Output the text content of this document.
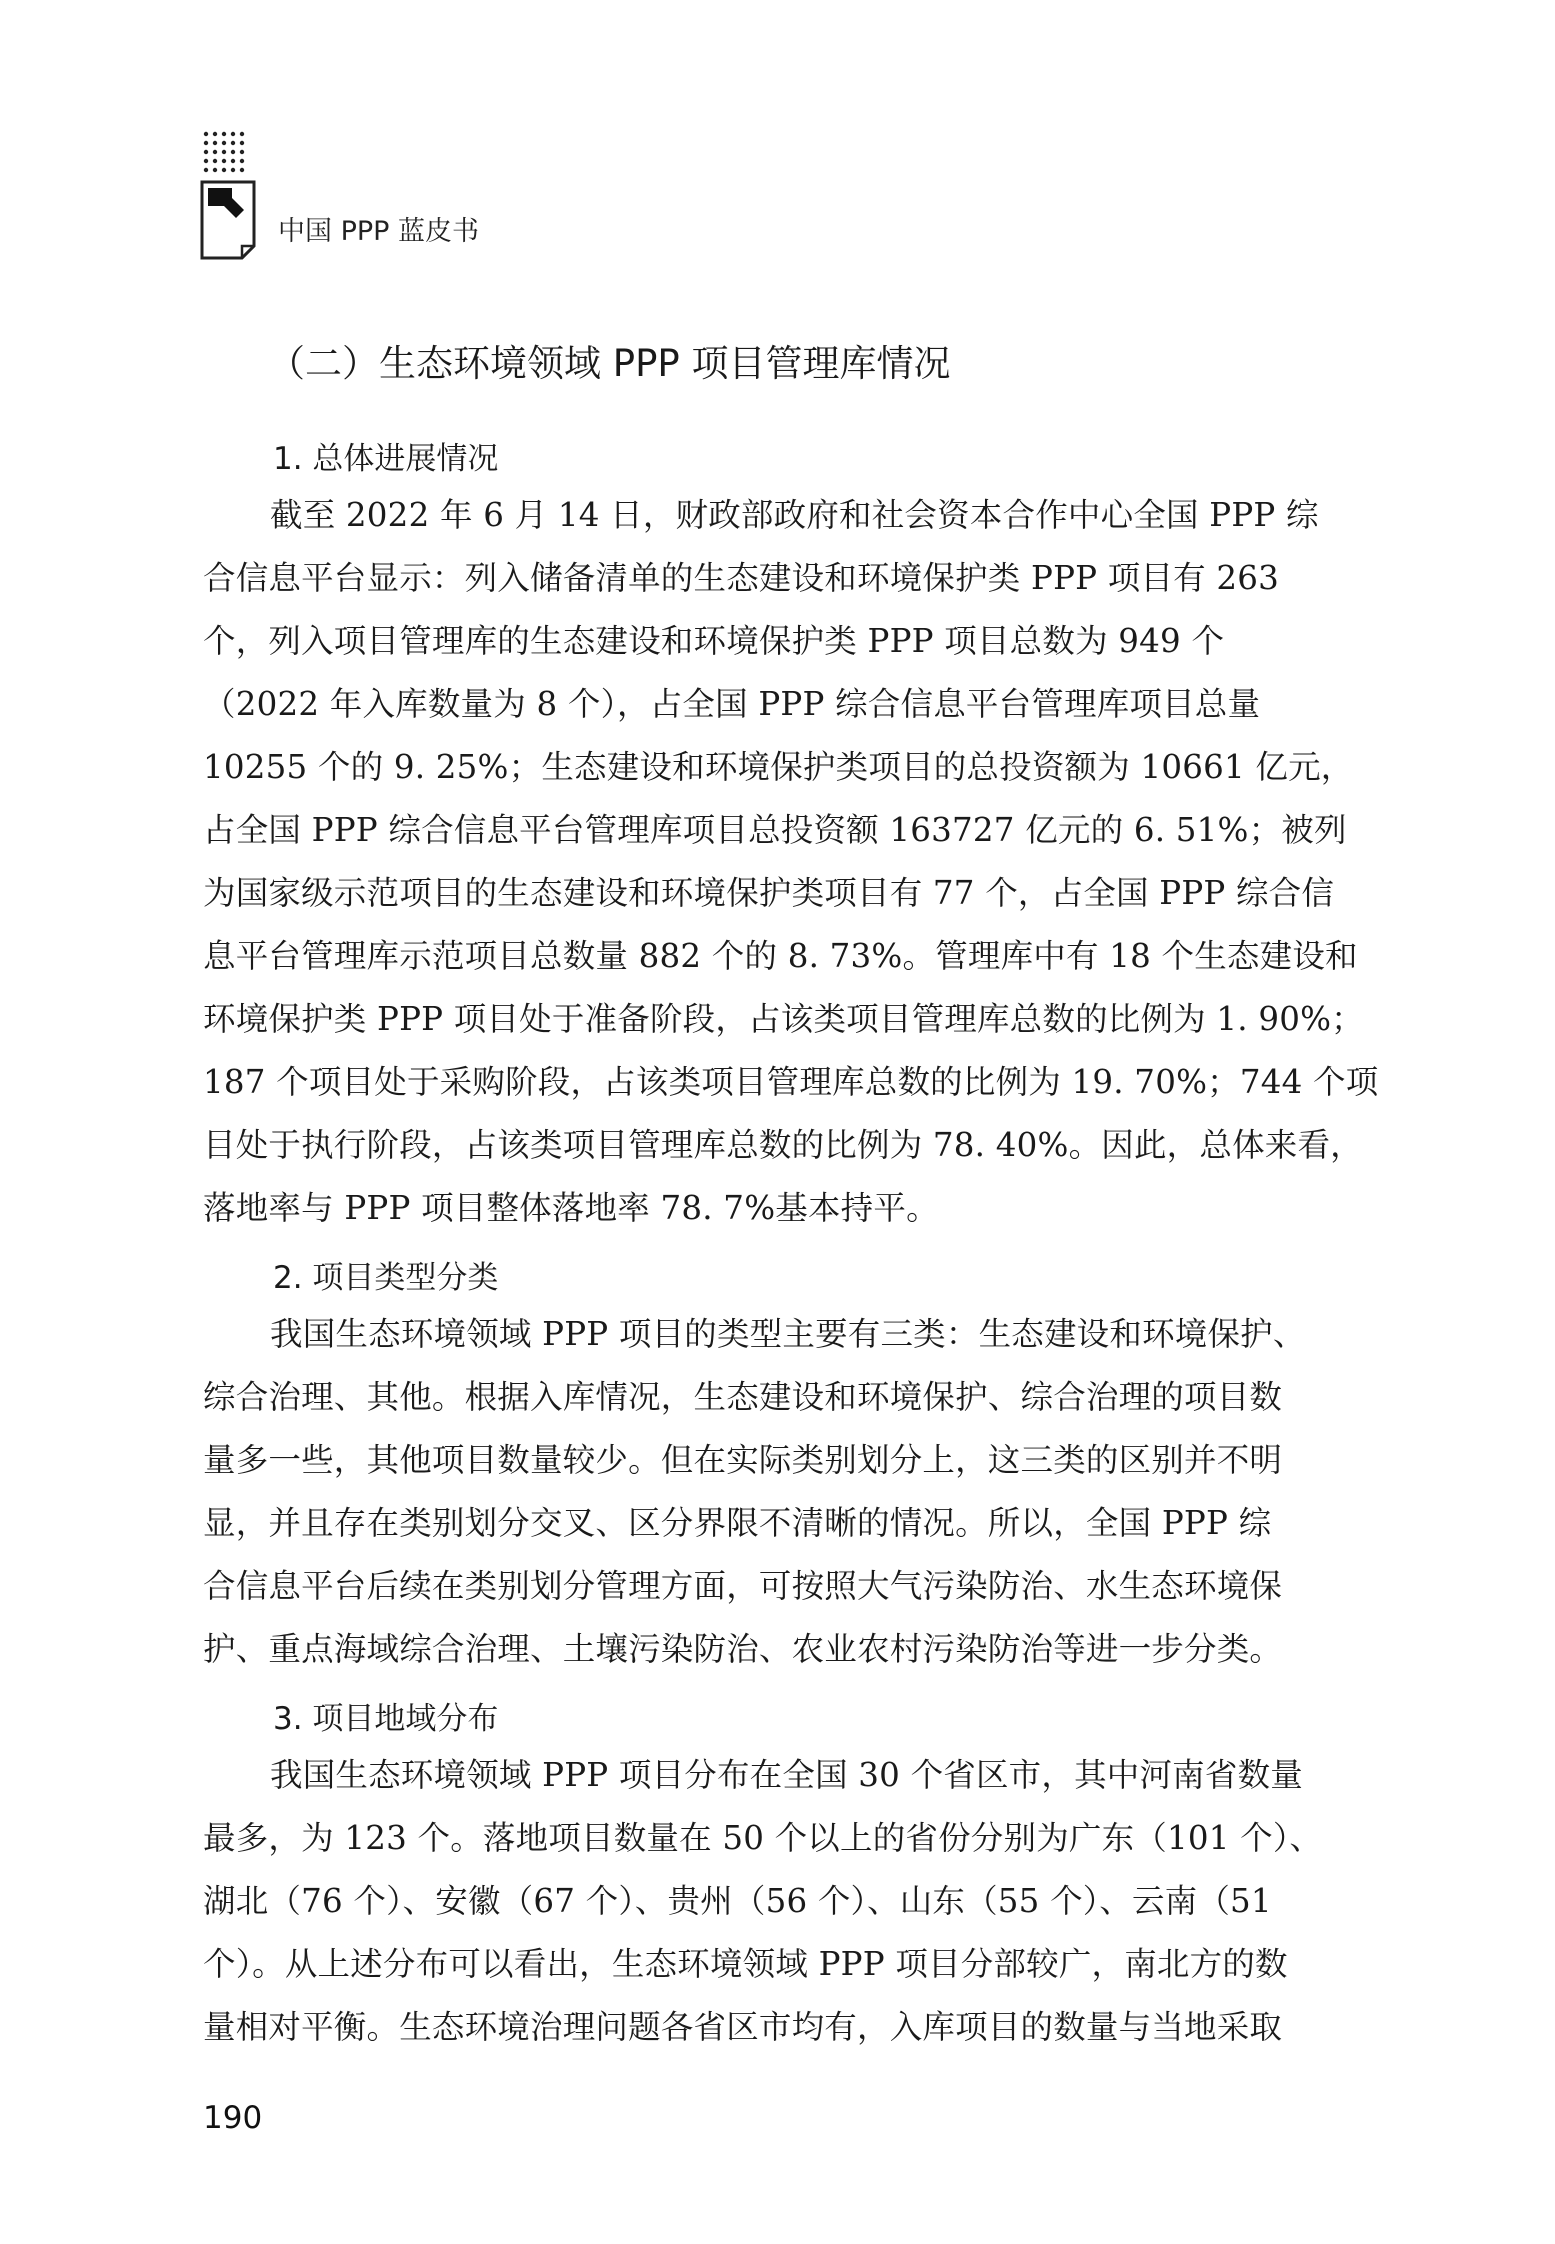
中国 PPP 蓝皮书
（二）生态环境领域 PPP 项目管理库情况
1. 总体进展情况
截至 2022 年 6 月 14 日，财政部政府和社会资本合作中心全国 PPP 综
合信息平台显示：列入储备清单的生态建设和环境保护类 PPP 项目有 263
个，列入项目管理库的生态建设和环境保护类 PPP 项目总数为 949 个
（2022 年入库数量为 8 个），占全国 PPP 综合信息平台管理库项目总量
10255 个的 9. 25%；生态建设和环境保护类项目的总投资额为 10661 亿元，
占全国 PPP 综合信息平台管理库项目总投资额 163727 亿元的 6. 51%；被列
为国家级示范项目的生态建设和环境保护类项目有 77 个，占全国 PPP 综合信
息平台管理库示范项目总数量 882 个的 8. 73%。管理库中有 18 个生态建设和
环境保护类 PPP 项目处于准备阶段，占该类项目管理库总数的比例为 1. 90%；
187 个项目处于采购阶段，占该类项目管理库总数的比例为 19. 70%；744 个项
目处于执行阶段，占该类项目管理库总数的比例为 78. 40%。因此，总体来看，
落地率与 PPP 项目整体落地率 78. 7%基本持平。
2. 项目类型分类
我国生态环境领域 PPP 项目的类型主要有三类：生态建设和环境保护、
综合治理、其他。根据入库情况，生态建设和环境保护、综合治理的项目数
量多一些，其他项目数量较少。但在实际类别划分上，这三类的区别并不明
显，并且存在类别划分交叉、区分界限不清晰的情况。所以，全国 PPP 综
合信息平台后续在类别划分管理方面，可按照大气污染防治、水生态环境保
护、重点海域综合治理、土壤污染防治、农业农村污染防治等进一步分类。
3. 项目地域分布
我国生态环境领域 PPP 项目分布在全国 30 个省区市，其中河南省数量
最多，为 123 个。落地项目数量在 50 个以上的省份分别为广东（101 个）、
湖北（76 个）、安徽（67 个）、贵州（56 个）、山东（55 个）、云南（51
个）。从上述分布可以看出，生态环境领域 PPP 项目分部较广，南北方的数
量相对平衡。生态环境治理问题各省区市均有，入库项目的数量与当地采取
190
